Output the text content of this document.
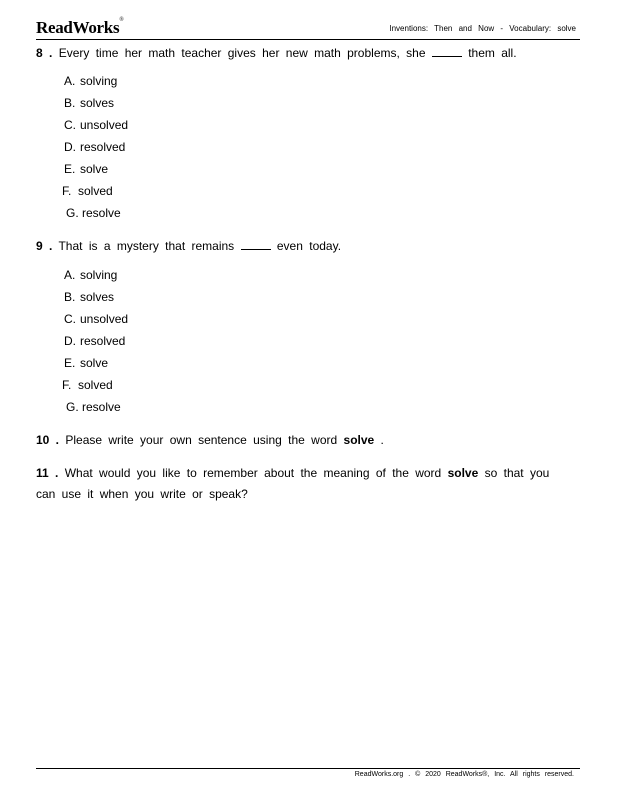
ReadWorks®
Inventions: Then and Now - Vocabulary: solve
8 . Every time her math teacher gives her new math problems, she	them all.
A. solving
B. solves
C. unsolved
D. resolved
E. solve
F. solved
G. resolve
9 . That is a mystery that remains	even today.
A. solving
B. solves
C. unsolved
D. resolved
E. solve
F. solved
G. resolve
10 . Please write your own sentence using the word solve .
11 . What would you like to remember about the meaning of the word solve so that you can use it when you write or speak?
ReadWorks.org . © 2020 ReadWorks®, Inc. All rights reserved.
